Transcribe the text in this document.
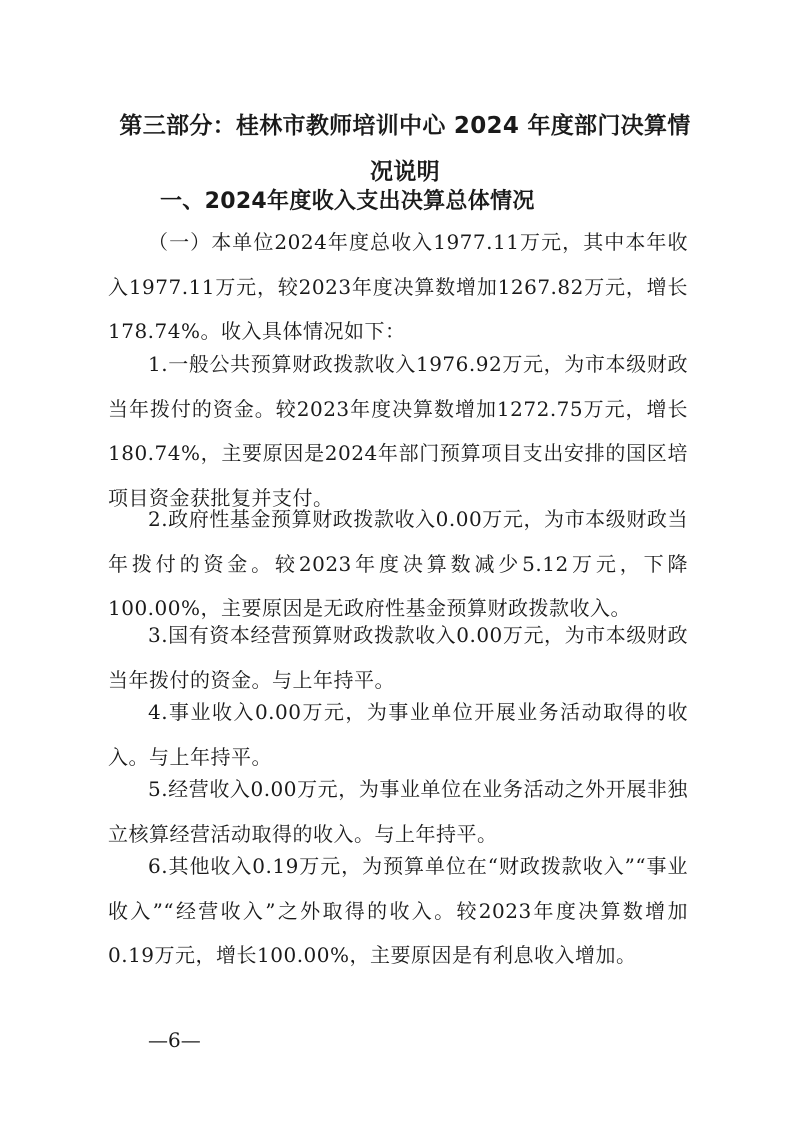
第三部分：桂林市教师培训中心 2024 年度部门决算情况说明
一、2024年度收入支出决算总体情况

（一）本单位2024年度总收入1977.11万元，其中本年收入1977.11万元，较2023年度决算数增加1267.82万元，增长178.74%。收入具体情况如下：

1.一般公共预算财政拨款收入1976.92万元，为市本级财政当年拨付的资金。较2023年度决算数增加1272.75万元，增长180.74%，主要原因是2024年部门预算项目支出安排的国区培项目资金获批复并支付。

2.政府性基金预算财政拨款收入0.00万元，为市本级财政当年拨付的资金。较2023年度决算数减少5.12万元，下降100.00%，主要原因是无政府性基金预算财政拨款收入。

3.国有资本经营预算财政拨款收入0.00万元，为市本级财政当年拨付的资金。与上年持平。

4.事业收入0.00万元，为事业单位开展业务活动取得的收入。与上年持平。

5.经营收入0.00万元，为事业单位在业务活动之外开展非独立核算经营活动取得的收入。与上年持平。

6.其他收入0.19万元，为预算单位在“财政拨款收入”“事业收入”“经营收入”之外取得的收入。较2023年度决算数增加0.19万元，增长100.00%，主要原因是有利息收入增加。

—6—
